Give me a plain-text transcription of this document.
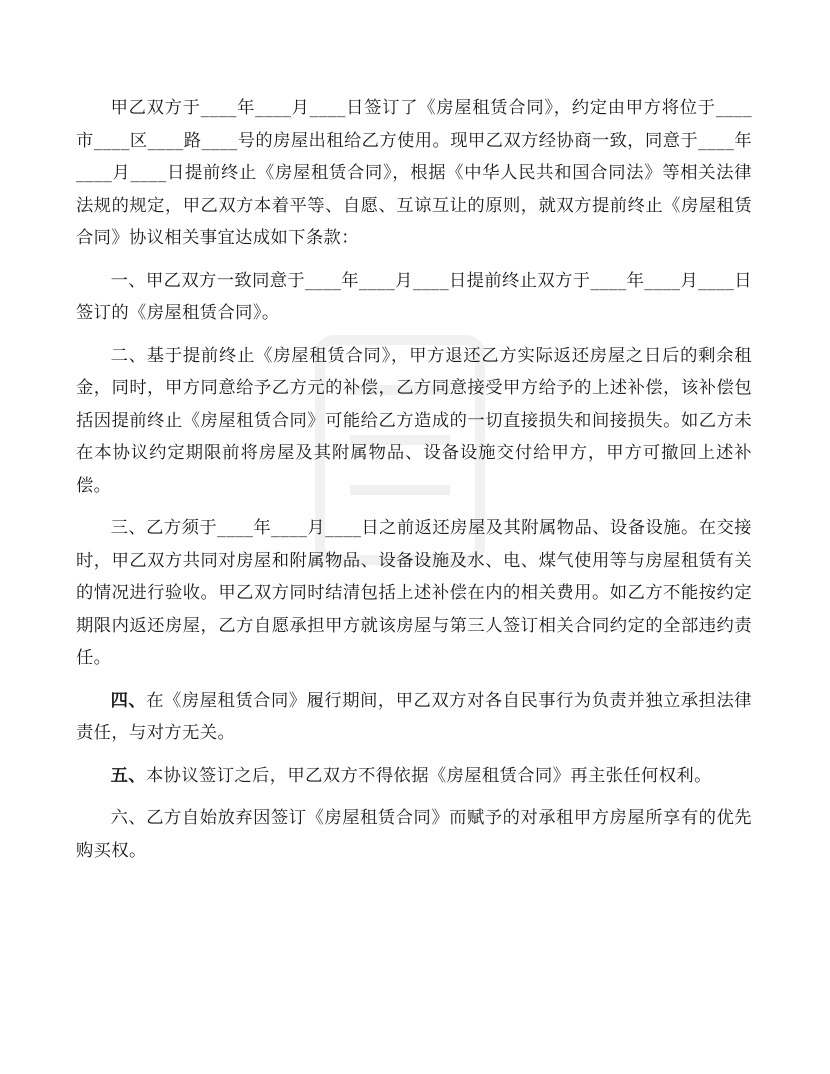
甲乙双方于____年____月____日签订了《房屋租赁合同》，约定由甲方将位于____市____区____路____号的房屋出租给乙方使用。现甲乙双方经协商一致，同意于____年____月____日提前终止《房屋租赁合同》，根据《中华人民共和国合同法》等相关法律法规的规定，甲乙双方本着平等、自愿、互谅互让的原则，就双方提前终止《房屋租赁合同》协议相关事宜达成如下条款：

一、甲乙双方一致同意于____年____月____日提前终止双方于____年____月____日签订的《房屋租赁合同》。

二、基于提前终止《房屋租赁合同》，甲方退还乙方实际返还房屋之日后的剩余租金，同时，甲方同意给予乙方元的补偿，乙方同意接受甲方给予的上述补偿，该补偿包括因提前终止《房屋租赁合同》可能给乙方造成的一切直接损失和间接损失。如乙方未在本协议约定期限前将房屋及其附属物品、设备设施交付给甲方，甲方可撤回上述补偿。

三、乙方须于____年____月____日之前返还房屋及其附属物品、设备设施。在交接时，甲乙双方共同对房屋和附属物品、设备设施及水、电、煤气使用等与房屋租赁有关的情况进行验收。甲乙双方同时结清包括上述补偿在内的相关费用。如乙方不能按约定期限内返还房屋，乙方自愿承担甲方就该房屋与第三人签订相关合同约定的全部违约责任。

四、在《房屋租赁合同》履行期间，甲乙双方对各自民事行为负责并独立承担法律责任，与对方无关。

五、本协议签订之后，甲乙双方不得依据《房屋租赁合同》再主张任何权利。

六、乙方自始放弃因签订《房屋租赁合同》而赋予的对承租甲方房屋所享有的优先购买权。
